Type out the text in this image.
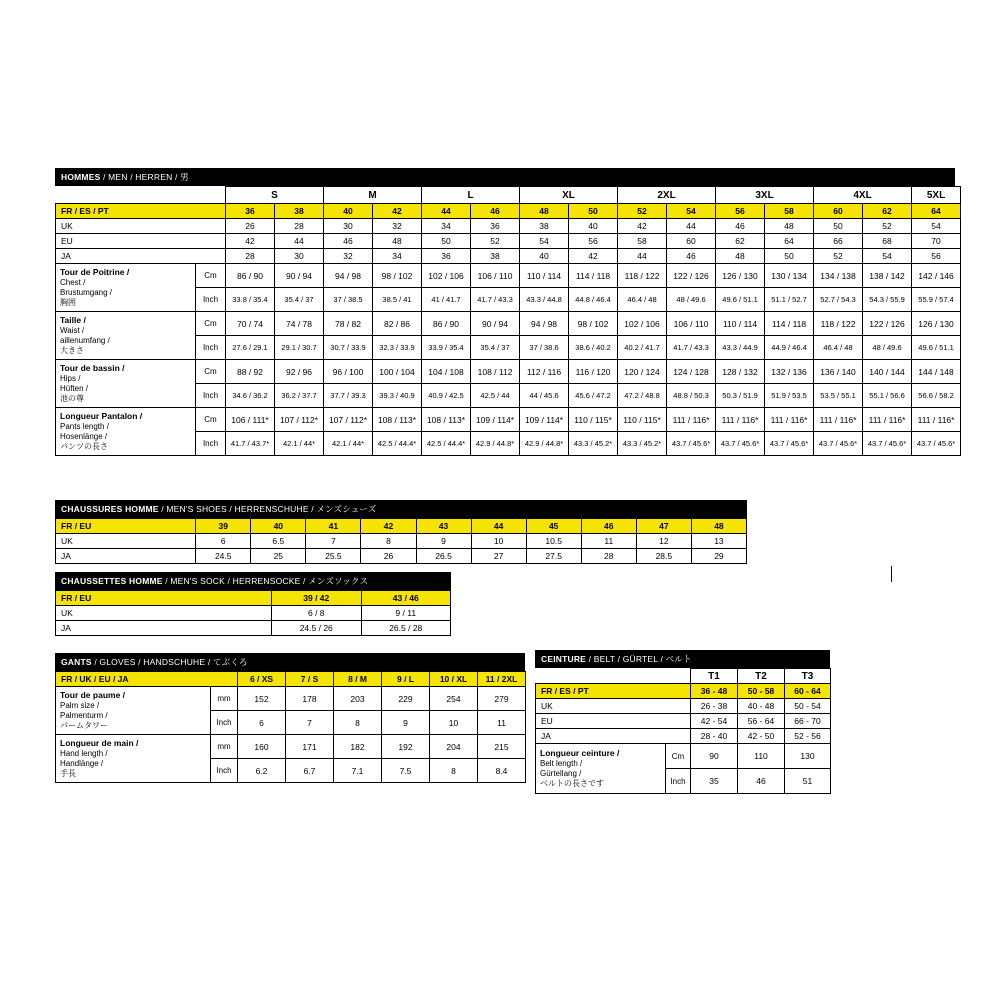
HOMMES / MEN / HERREN / 男
		S		M		L		XL		2XL		3XL		4XL		5XL
FR / ES / PT		36	38	40	42	44	46	48	50	52	54	56	58	60	62	64
UK		26	28	30	32	34	36	38	40	42	44	46	48	50	52	54
EU		42	44	46	48	50	52	54	56	58	60	62	64	66	68	70
JA		28	30	32	34	36	38	40	42	44	46	48	50	52	54	56
Tour de Poitrine /
Chest /
Brustumgang /
胸囲	Cm	86 / 90	90 / 94	94 / 98	98 / 102	102 / 106	106 / 110	110 / 114	114 / 118	118 / 122	122 / 126	126 / 130	130 / 134	134 / 138	138 / 142	142 / 146
	Inch	33.8 / 35.4	35.4 / 37	37 / 38.5	38.5 / 41	41 / 41.7	41.7 / 43.3	43.3 / 44.8	44.8 / 46.4	46.4 / 48	48 / 49.6	49.6 / 51.1	51.1 / 52.7	52.7 / 54.3	54.3 / 55.9	55.9 / 57.4
Taille /
Waist /
aillenumfang /
大きさ	Cm	70 / 74	74 / 78	78 / 82	82 / 86	86 / 90	90 / 94	94 / 98	98 / 102	102 / 106	106 / 110	110 / 114	114 / 118	118 / 122	122 / 126	126 / 130
	Inch	27.6 / 29.1	29.1 / 30.7	30.7 / 33.9	32.3 / 33.9	33.9 / 35.4	35.4 / 37	37 / 38.6	38.6 / 40.2	40.2 / 41.7	41.7 / 43.3	43.3 / 44.9	44.9 / 46.4	46.4 / 48	48 / 49.6	49.6 / 51.1
Tour de bassin /
Hips /
Hüften /
池の尊	Cm	88 / 92	92 / 96	96 / 100	100 / 104	104 / 108	108 / 112	112 / 116	116 / 120	120 / 124	124 / 128	128 / 132	132 / 136	136 / 140	140 / 144	144 / 148
	Inch	34.6 / 36.2	36.2 / 37.7	37.7 / 39.3	39.3 / 40.9	40.9 / 42.5	42.5 / 44	44 / 45.6	45.6 / 47.2	47.2 / 48.8	48.8 / 50.3	50.3 / 51.9	51.9 / 53.5	53.5 / 55.1	55.1 / 56.6	56.6 / 58.2
Longueur Pantalon /
Pants length /
Hosenlänge /
パンツの長さ	Cm	106 / 111*	107 / 112*	107 / 112*	108 / 113*	108 / 113*	109 / 114*	109 / 114*	110 / 115*	110 / 115*	111 / 116*	111 / 116*	111 / 116*	111 / 116*	111 / 116*	111 / 116*
	Inch	41.7 / 43.7*	42.1 / 44*	42.1 / 44*	42.5 / 44.4*	42.5 / 44.4*	42.9 / 44.8*	42.9 / 44.8*	43.3 / 45.2*	43.3 / 45.2*	43.7 / 45.6*	43.7 / 45.6*	43.7 / 45.6*	43.7 / 45.6*	43.7 / 45.6*	43.7 / 45.6*
CHAUSSURES HOMME / MEN'S SHOES / HERRENSCHUHE / メンズシューズ
FR / EU	39	40	41	42	43	44	45	46	47	48
UK	6	6.5	7	8	9	10	10.5	11	12	13
JA	24.5	25	25.5	26	26.5	27	27.5	28	28.5	29
CHAUSSETTES HOMME / MEN'S SOCK / HERRENSOCKE / メンズソックス
FR / EU	39 / 42	43 / 46
UK	6 / 8	9 / 11
JA	24.5 / 26	26.5 / 28
GANTS / GLOVES / HANDSCHUHE / てぶくろ
FR / UK / EU / JA		6 / XS	7 / S	8 / M	9 / L	10 / XL	11 / 2XL
Tour de paume /
Palm size /
Palmenturm /
パームタワー	mm	152	178	203	229	254	279
	Inch	6	7	8	9	10	11
Longueur de main /
Hand length /
Handlänge /
手長	mm	160	171	182	192	204	215
	Inch	6.2	6.7	7.1	7.5	8	8.4
CEINTURE / BELT / GÜRTEL / ベルト
		T1	T2	T3
FR / ES / PT		36 - 48	50 - 58	60 - 64
UK		26 - 38	40 - 48	50 - 54
EU		42 - 54	56 - 64	66 - 70
JA		28 - 40	42 - 50	52 - 56
Longueur ceinture /
Belt length /
Gürtellang /
ベルトの長さです	Cm	90	110	130
	Inch	35	46	51
